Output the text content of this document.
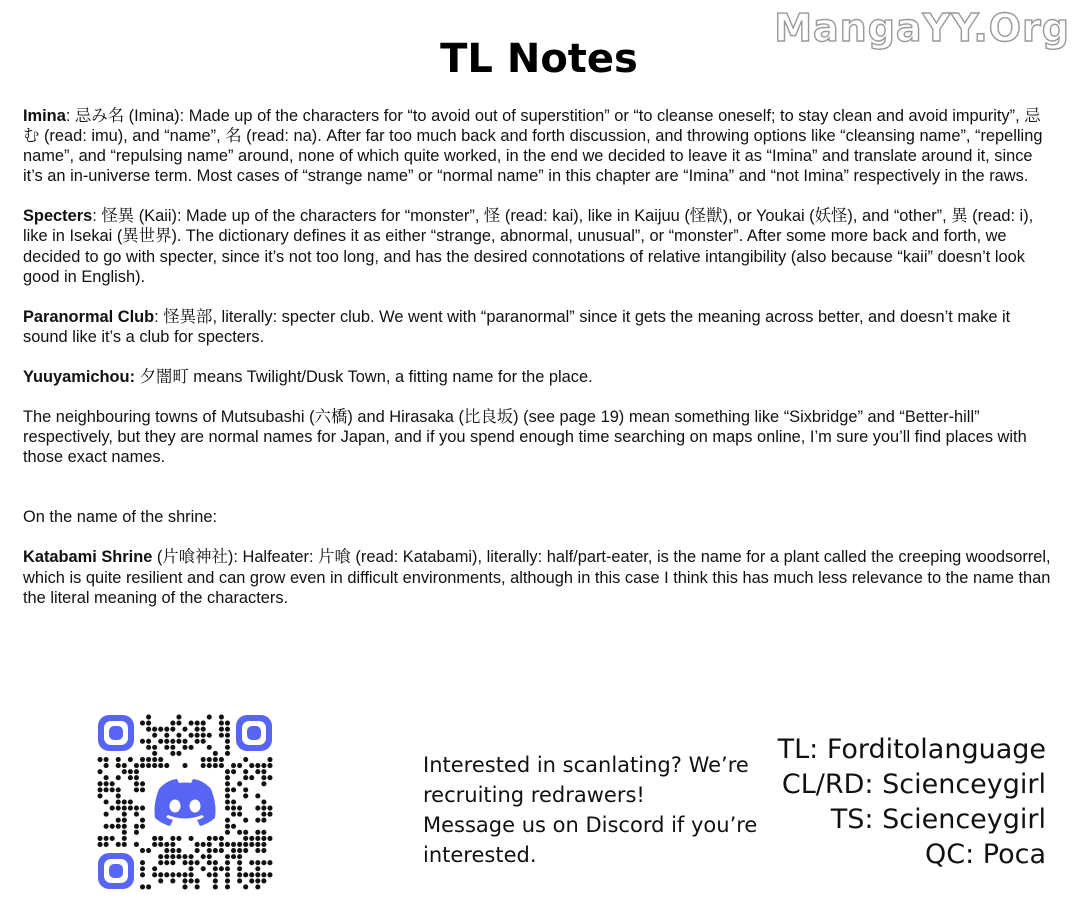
MangaYY.Org
TL Notes

Imina: 忌み名 (Imina): Made up of the characters for “to avoid out of superstition” or “to cleanse oneself; to stay clean and avoid impurity”, 忌む (read: imu), and “name”, 名 (read: na). After far too much back and forth discussion, and throwing options like “cleansing name”, “repelling name”, and “repulsing name” around, none of which quite worked, in the end we decided to leave it as “Imina” and translate around it, since it’s an in-universe term. Most cases of “strange name” or “normal name” in this chapter are “Imina” and “not Imina” respectively in the raws.

Specters: 怪異 (Kaii): Made up of the characters for “monster”, 怪 (read: kai), like in Kaijuu (怪獣), or Youkai (妖怪), and “other”, 異 (read: i), like in Isekai (異世界). The dictionary defines it as either “strange, abnormal, unusual”, or “monster”. After some more back and forth, we decided to go with specter, since it’s not too long, and has the desired connotations of relative intangibility (also because “kaii” doesn’t look good in English).

Paranormal Club: 怪異部, literally: specter club. We went with “paranormal” since it gets the meaning across better, and doesn’t make it sound like it’s a club for specters.

Yuuyamichou: 夕闇町 means Twilight/Dusk Town, a fitting name for the place.

The neighbouring towns of Mutsubashi (六橋) and Hirasaka (比良坂) (see page 19) mean something like “Sixbridge” and “Better-hill” respectively, but they are normal names for Japan, and if you spend enough time searching on maps online, I’m sure you’ll find places with those exact names.

On the name of the shrine:

Katabami Shrine (片喰神社): Halfeater: 片喰 (read: Katabami), literally: half/part-eater, is the name for a plant called the creeping woodsorrel, which is quite resilient and can grow even in difficult environments, although in this case I think this has much less relevance to the name than the literal meaning of the characters.

Interested in scanlating? We’re
recruiting redrawers!
Message us on Discord if you’re
interested.
TL: Forditolanguage
CL/RD: Scienceygirl
TS: Scienceygirl
QC: Poca
